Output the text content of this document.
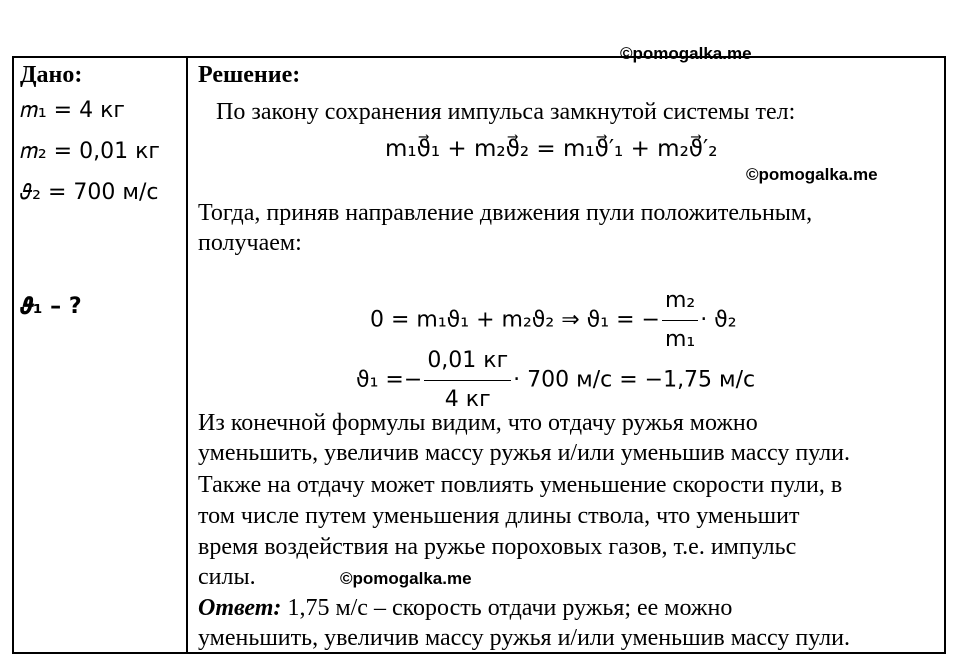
©pomogalka.me
©pomogalka.me
©pomogalka.me
Дано:
𝑚₁ = 4 кг
𝑚₂ = 0,01 кг
𝜗₂ = 700 м/с
𝝑₁ – ?
Решение:
По закону сохранения импульса замкнутой системы тел:
m₁ϑ⃗₁ + m₂ϑ⃗₂ = m₁ϑ⃗′₁ + m₂ϑ⃗′₂
Тогда, приняв направление движения пули положительным,
получаем:
0 = m₁ϑ₁ + m₂ϑ₂ ⇒ ϑ₁ = − $\frac{\text{m₂}}{\text{m₁}} \cdot ϑ_2$
$ϑ_1 =- \frac{0,01 кг}{4 кг} \cdot 700$ м/с = −1,75 м/с
Из конечной формулы видим, что отдачу ружья можно
уменьшить, увеличив массу ружья и/или уменьшив массу пули.
Также на отдачу может повлиять уменьшение скорости пули, в
том числе путем уменьшения длины ствола, что уменьшит
время воздействия на ружье пороховых газов, т.е. импульс
силы.
Ответ: 1,75 м/с – скорость отдачи ружья; ее можно
уменьшить, увеличив массу ружья и/или уменьшив массу пули.
